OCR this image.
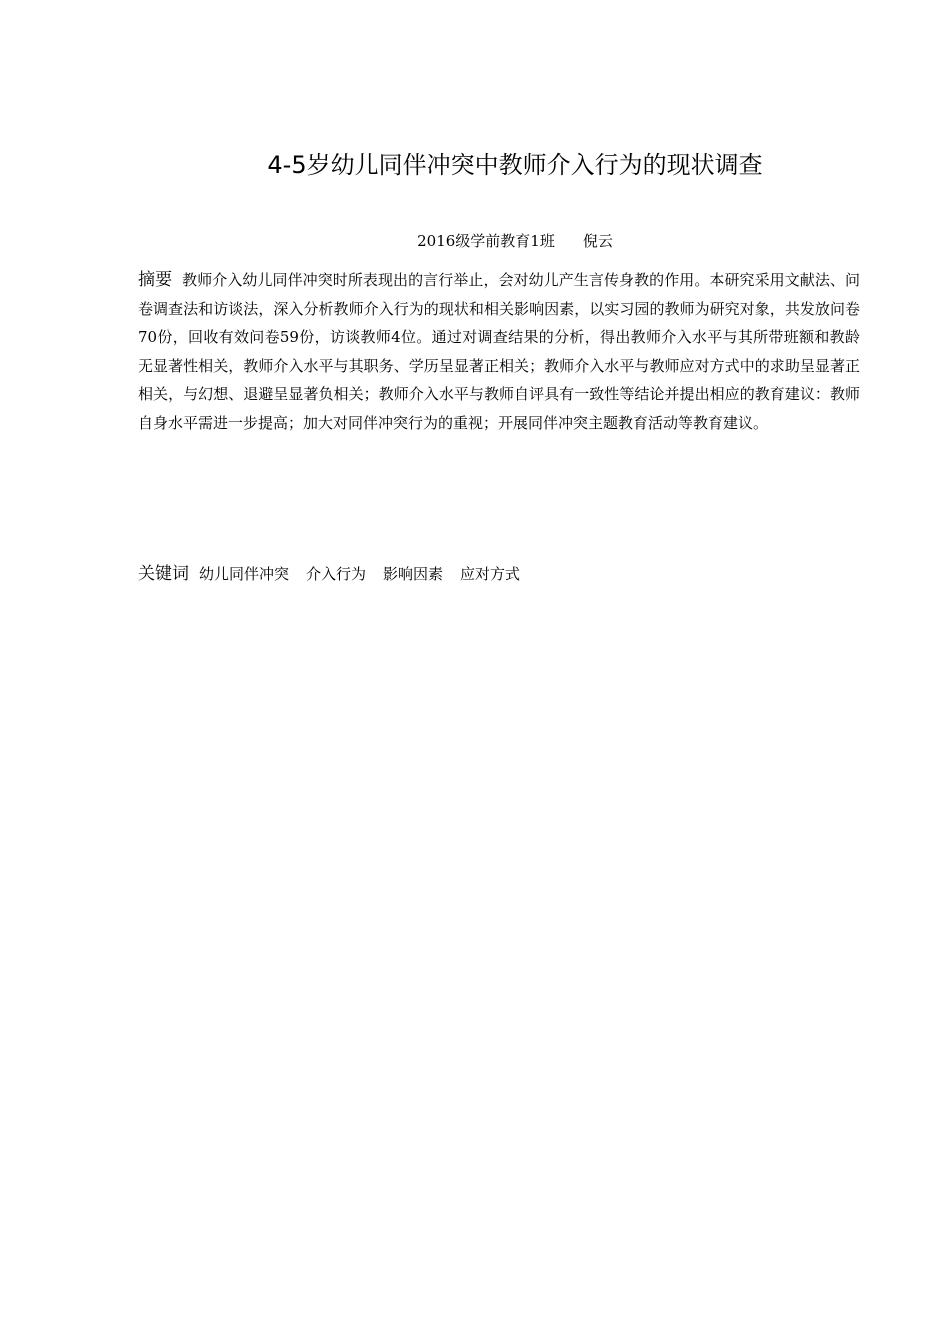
4-5岁幼儿同伴冲突中教师介入行为的现状调查
2016级学前教育1班 倪云
摘要 教师介入幼儿同伴冲突时所表现出的言行举止，会对幼儿产生言传身教的作用。本研究采用文献法、问卷调查法和访谈法，深入分析教师介入行为的现状和相关影响因素，以实习园的教师为研究对象，共发放问卷70份，回收有效问卷59份，访谈教师4位。通过对调查结果的分析，得出教师介入水平与其所带班额和教龄无显著性相关，教师介入水平与其职务、学历呈显著正相关；教师介入水平与教师应对方式中的求助呈显著正相关，与幻想、退避呈显著负相关；教师介入水平与教师自评具有一致性等结论并提出相应的教育建议：教师自身水平需进一步提高；加大对同伴冲突行为的重视；开展同伴冲突主题教育活动等教育建议。
关键词 幼儿同伴冲突 介入行为 影响因素 应对方式
